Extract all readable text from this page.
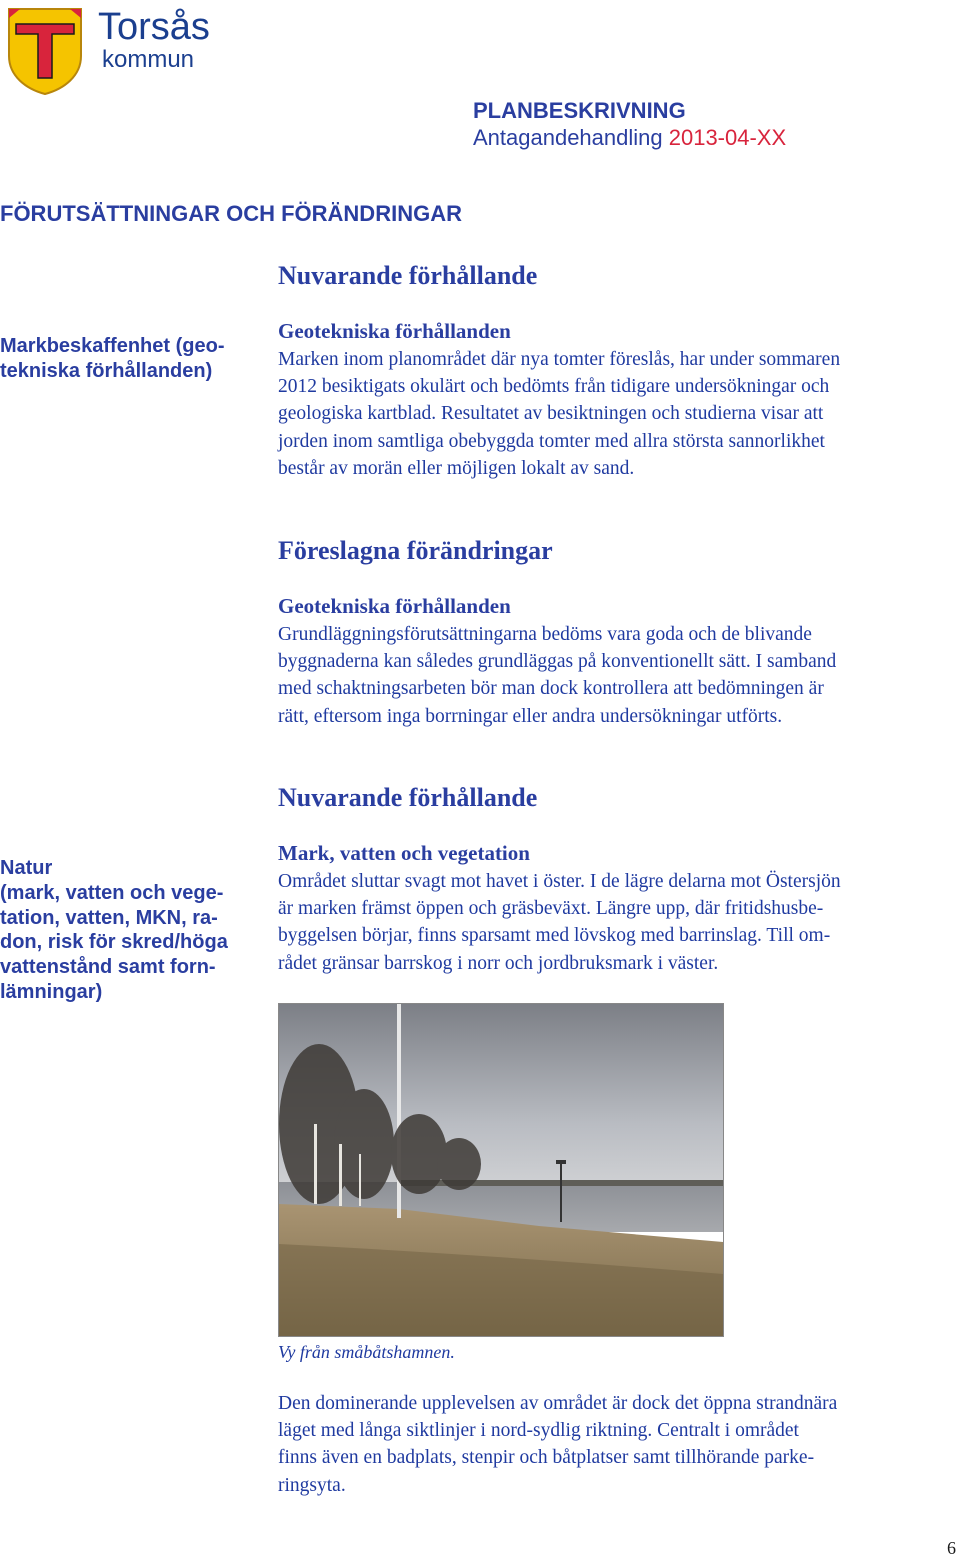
Torsås
kommun
PLANBESKRIVNING
Antagandehandling 2013-04-XX
FÖRUTSÄTTNINGAR OCH FÖRÄNDRINGAR
Markbeskaffenhet (geo-
tekniska förhållanden)
Nuvarande förhållande
Geotekniska förhållanden
Marken inom planområdet där nya tomter föreslås, har under sommaren
2012 besiktigats okulärt och bedömts från tidigare undersökningar och
geologiska kartblad. Resultatet av besiktningen och studierna visar att
jorden inom samtliga obebyggda tomter med allra största sannorlikhet
består av morän eller möjligen lokalt av sand.
Föreslagna förändringar
Geotekniska förhållanden
Grundläggningsförutsättningarna bedöms vara goda och de blivande
byggnaderna kan således grundläggas på konventionellt sätt. I samband
med schaktningsarbeten bör man dock kontrollera att bedömningen är
rätt, eftersom inga borrningar eller andra undersökningar utförts.
Nuvarande förhållande
Natur
(mark, vatten och vege-
tation, vatten, MKN, ra-
don, risk för skred/höga
vattenstånd samt forn-
lämningar)
Mark, vatten och vegetation
Området sluttar svagt mot havet i öster. I de lägre delarna mot Östersjön
är marken främst öppen och gräsbeväxt. Längre upp, där fritidshusbe-
byggelsen börjar, finns sparsamt med lövskog med barrinslag. Till om-
rådet gränsar barrskog i norr och jordbruksmark i väster.
Vy från småbåtshamnen.
Den dominerande upplevelsen av området är dock det öppna strandnära
läget med långa siktlinjer i nord-sydlig riktning. Centralt i området
finns även en badplats, stenpir och båtplatser samt tillhörande parke-
ringsyta.
6
